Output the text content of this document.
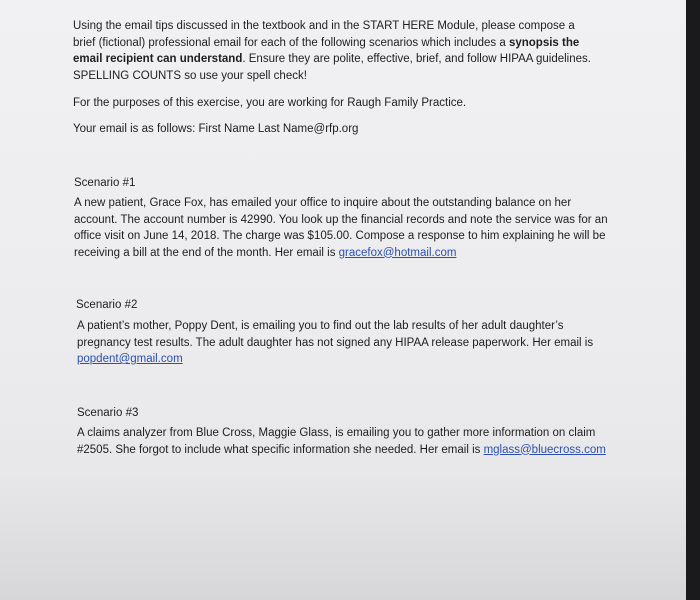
Using the email tips discussed in the textbook and in the START HERE Module, please compose a brief (fictional) professional email for each of the following scenarios which includes a synopsis the email recipient can understand. Ensure they are polite, effective, brief, and follow HIPAA guidelines. SPELLING COUNTS so use your spell check!

For the purposes of this exercise, you are working for Raugh Family Practice.

Your email is as follows: First Name Last Name@rfp.org

Scenario #1

A new patient, Grace Fox, has emailed your office to inquire about the outstanding balance on her account. The account number is 42990. You look up the financial records and note the service was for an office visit on June 14, 2018. The charge was $105.00. Compose a response to him explaining he will be receiving a bill at the end of the month. Her email is gracefox@hotmail.com

Scenario #2

A patient’s mother, Poppy Dent, is emailing you to find out the lab results of her adult daughter’s pregnancy test results. The adult daughter has not signed any HIPAA release paperwork. Her email is popdent@gmail.com

Scenario #3

A claims analyzer from Blue Cross, Maggie Glass, is emailing you to gather more information on claim #2505. She forgot to include what specific information she needed. Her email is mglass@bluecross.com
